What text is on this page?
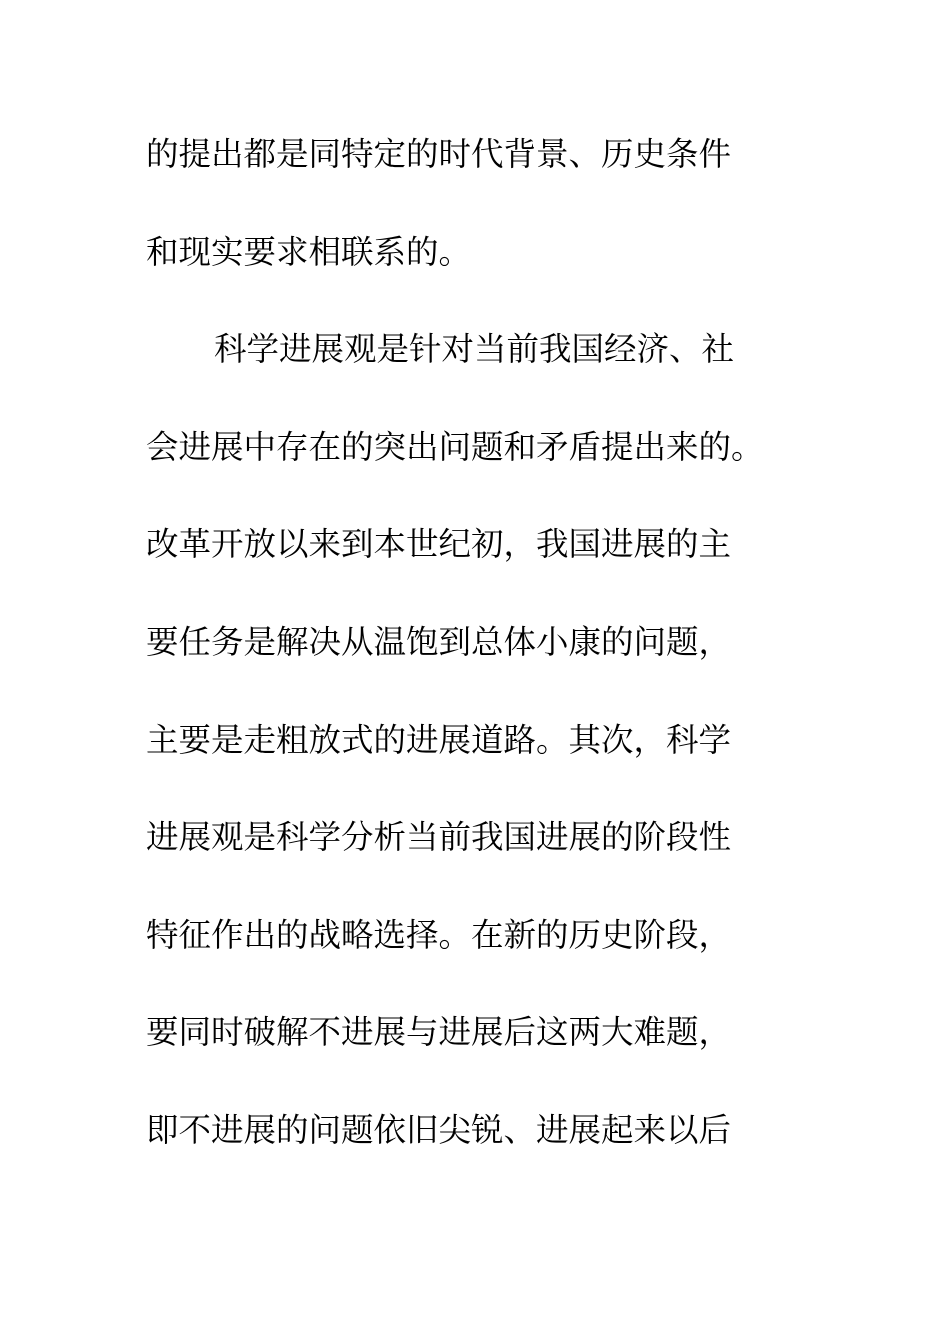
的提出都是同特定的时代背景、历史条件
和现实要求相联系的。
科学进展观是针对当前我国经济、社
会进展中存在的突出问题和矛盾提出来的。
改革开放以来到本世纪初，我国进展的主
要任务是解决从温饱到总体小康的问题，
主要是走粗放式的进展道路。其次，科学
进展观是科学分析当前我国进展的阶段性
特征作出的战略选择。在新的历史阶段，
要同时破解不进展与进展后这两大难题，
即不进展的问题依旧尖锐、进展起来以后
